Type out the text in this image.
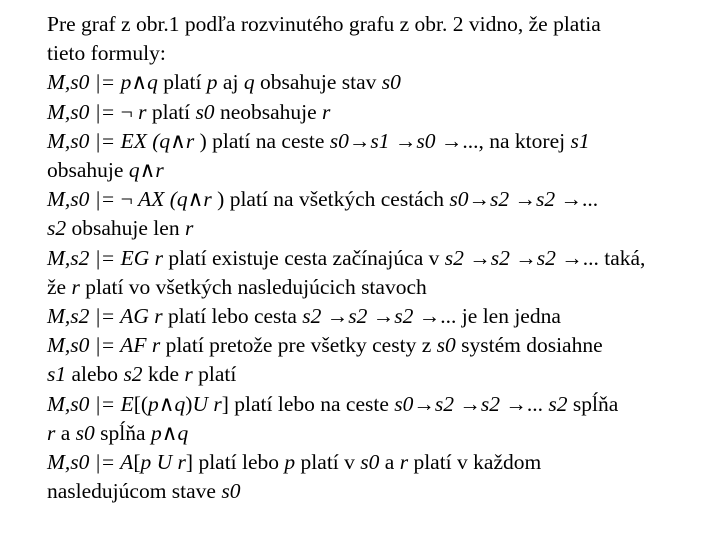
Pre graf z obr.1 podľa rozvinutého grafu z obr. 2 vidno, že platia
tieto formuly:
M,s0 |= p∧q platí p aj q obsahuje stav s0
M,s0 |= ¬ r platí s0 neobsahuje r
M,s0 |= EX (q∧r ) platí na ceste s0→s1 →s0 →..., na ktorej s1
obsahuje q∧r
M,s0 |= ¬ AX (q∧r ) platí na všetkých cestách s0→s2 →s2 →...
s2 obsahuje len r
M,s2 |= EG r platí existuje cesta začínajúca v s2 →s2 →s2 →... taká,
že r platí vo všetkých nasledujúcich stavoch
M,s2 |= AG r platí lebo cesta s2 →s2 →s2 →... je len jedna
M,s0 |= AF r platí pretože pre všetky cesty z s0 systém dosiahne
s1 alebo s2 kde r platí
M,s0 |= E[(p∧q)U r] platí lebo na ceste s0→s2 →s2 →... s2 spĺňa
r a s0 spĺňa p∧q
M,s0 |= A[p U r] platí lebo p platí v s0 a r platí v každom
nasledujúcom stave s0
